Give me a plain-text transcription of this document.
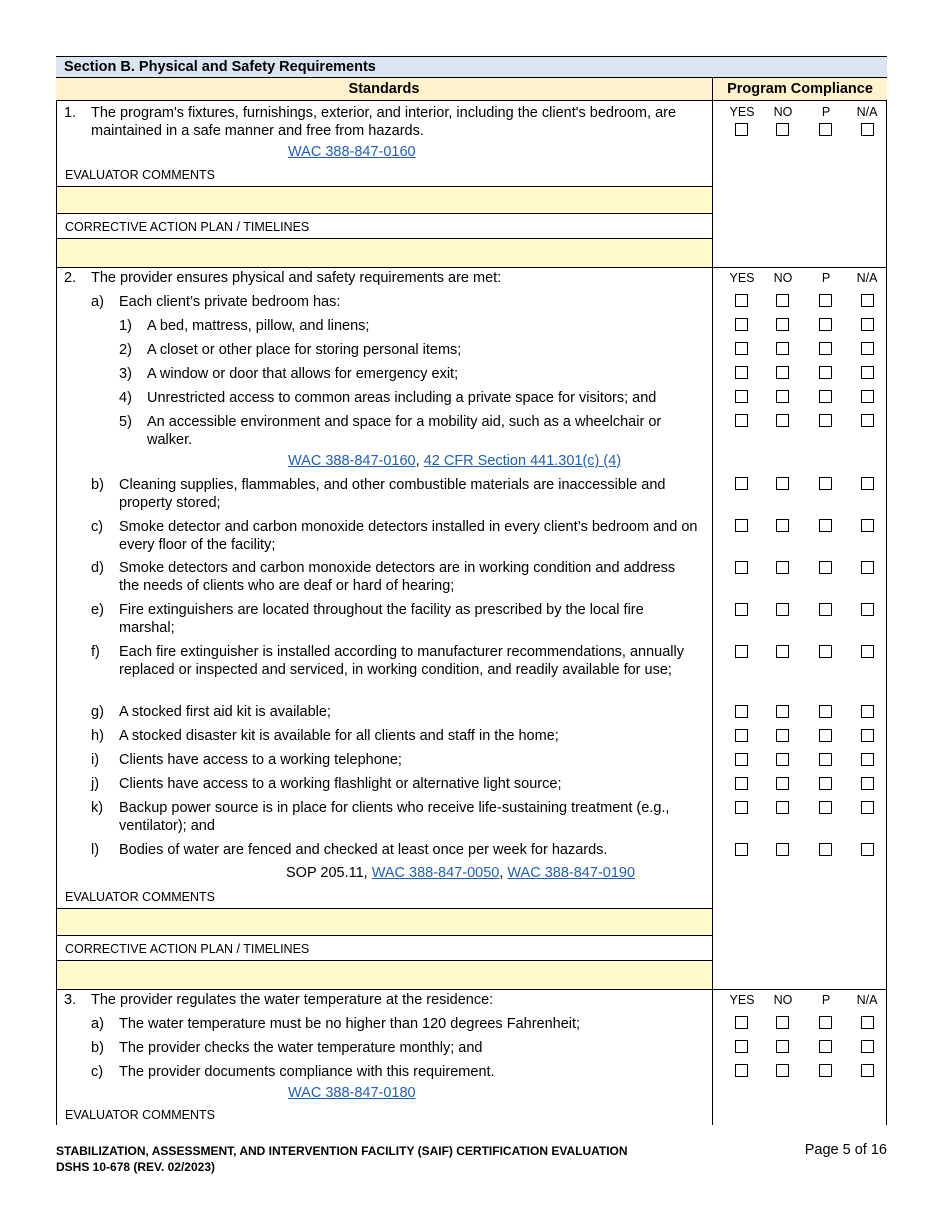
Section B. Physical and Safety Requirements
Standards	Program Compliance
1. The program's fixtures, furnishings, exterior, and interior, including the client's bedroom, are maintained in a safe manner and free from hazards.
WAC 388-847-0160
YES	NO	P	N/A
EVALUATOR COMMENTS
CORRECTIVE ACTION PLAN / TIMELINES
2. The provider ensures physical and safety requirements are met:	YES	NO	P	N/A
a) Each client’s private bedroom has:
1) A bed, mattress, pillow, and linens;
2) A closet or other place for storing personal items;
3) A window or door that allows for emergency exit;
4) Unrestricted access to common areas including a private space for visitors; and
5) An accessible environment and space for a mobility aid, such as a wheelchair or walker.
WAC 388-847-0160, 42 CFR Section 441.301(c) (4)
b) Cleaning supplies, flammables, and other combustible materials are inaccessible and property stored;
c) Smoke detector and carbon monoxide detectors installed in every client’s bedroom and on every floor of the facility;
d) Smoke detectors and carbon monoxide detectors are in working condition and address the needs of clients who are deaf or hard of hearing;
e) Fire extinguishers are located throughout the facility as prescribed by the local fire marshal;
f) Each fire extinguisher is installed according to manufacturer recommendations, annually replaced or inspected and serviced, in working condition, and readily available for use;
g) A stocked first aid kit is available;
h) A stocked disaster kit is available for all clients and staff in the home;
i) Clients have access to a working telephone;
j) Clients have access to a working flashlight or alternative light source;
k) Backup power source is in place for clients who receive life-sustaining treatment (e.g., ventilator); and
l) Bodies of water are fenced and checked at least once per week for hazards.
SOP 205.11, WAC 388-847-0050, WAC 388-847-0190
EVALUATOR COMMENTS
CORRECTIVE ACTION PLAN / TIMELINES
3. The provider regulates the water temperature at the residence:	YES	NO	P	N/A
a) The water temperature must be no higher than 120 degrees Fahrenheit;
b) The provider checks the water temperature monthly; and
c) The provider documents compliance with this requirement.
WAC 388-847-0180
EVALUATOR COMMENTS
STABILIZATION, ASSESSMENT, AND INTERVENTION FACILITY (SAIF) CERTIFICATION EVALUATION
DSHS 10-678 (REV. 02/2023)
Page 5 of 16
